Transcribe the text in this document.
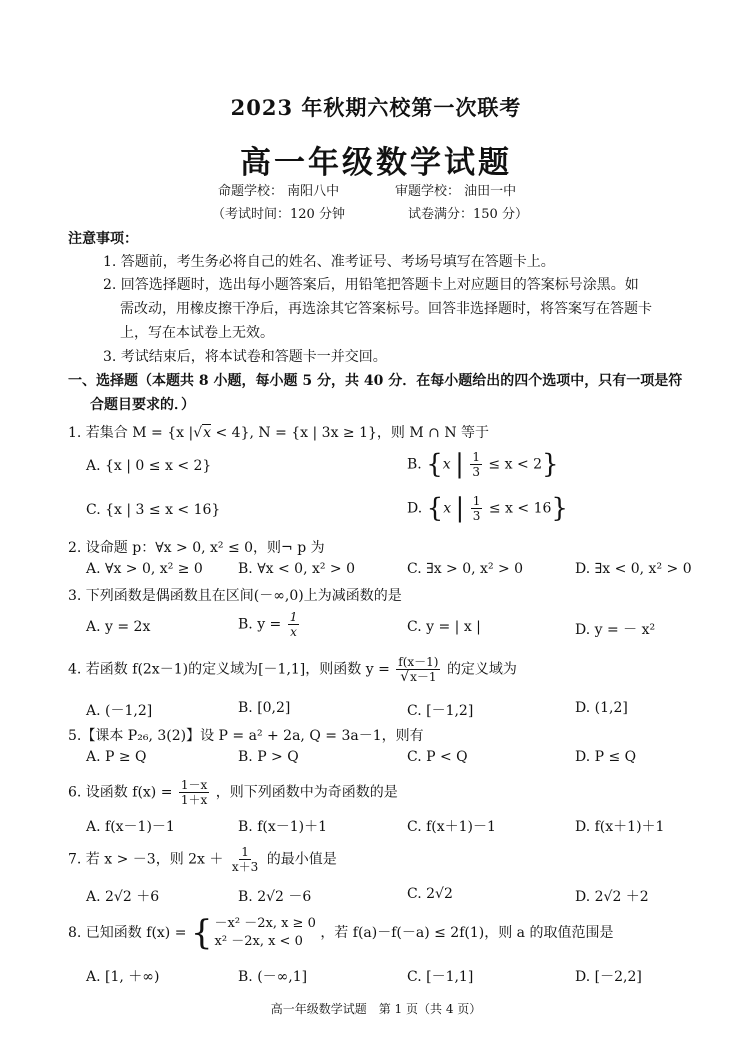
2023 年秋期六校第一次联考
高一年级数学试题
命题学校： 南阳八中	审题学校： 油田一中
（考试时间：120 分钟	试卷满分：150 分）
注意事项：
1. 答题前，考生务必将自己的姓名、准考证号、考场号填写在答题卡上。
2. 回答选择题时，选出每小题答案后，用铅笔把答题卡上对应题目的答案标号涂黑。如
需改动，用橡皮擦干净后，再选涂其它答案标号。回答非选择题时，将答案写在答题卡
上，写在本试卷上无效。
3. 考试结束后，将本试卷和答题卡一并交回。
一、选择题（本题共 8 小题，每小题 5 分，共 40 分．在每小题给出的四个选项中，只有一项是符
合题目要求的．）
1. 若集合 M = {x |√x < 4}, N = {x | 3x ≥ 1}，则 M ∩ N 等于
A. {x | 0 ≤ x < 2}	B. {x | $\frac{1}{3} \le x < 2$}
C. {x | 3 ≤ x < 16}	D. {x | $\frac{1}{3} \le x < 16$}
2. 设命题 p：∀x > 0, x² ≤ 0，则¬ p 为
A. ∀x > 0, x² ≥ 0	B. ∀x < 0, x² > 0	C. ∃x > 0, x² > 0	D. ∃x < 0, x² > 0
3. 下列函数是偶函数且在区间(－∞,0)上为减函数的是
A. y = 2x	B. $y = \frac{1}{x}$	C. y = | x |	D. y = － x²
4. 若函数 f(2x－1)的定义域为[－1,1]，则函数 $y = \frac{f(x-1)}{√x-1}$ 的定义域为
A. (－1,2]	B. [0,2]	C. [－1,2]	D. (1,2]
5.【课本 P₂₆, 3(2)】设 P = a² + 2a, Q = 3a－1，则有
A. P ≥ Q	B. P > Q	C. P < Q	D. P ≤ Q
6. 设函数 $f(x) = \frac{1-x}{1+x}$ ，则下列函数中为奇函数的是
A. f(x－1)－1	B. f(x－1)＋1	C. f(x＋1)－1	D. f(x＋1)＋1
7. 若 x > －3，则 $2x + \frac{1}{x+3}$ 的最小值是
A. 2√2 ＋6	B. 2√2 －6	C. 2√2	D. 2√2 ＋2
8. 已知函数 f(x) = { －x² －2x, x ≥ 0
x² －2x, x < 0
，若 f(a)－f(－a) ≤ 2f(1)，则 a 的取值范围是
A. [1, ＋∞)	B. (－∞,1]	C. [－1,1]	D. [－2,2]
高一年级数学试题　第 1 页（共 4 页）
